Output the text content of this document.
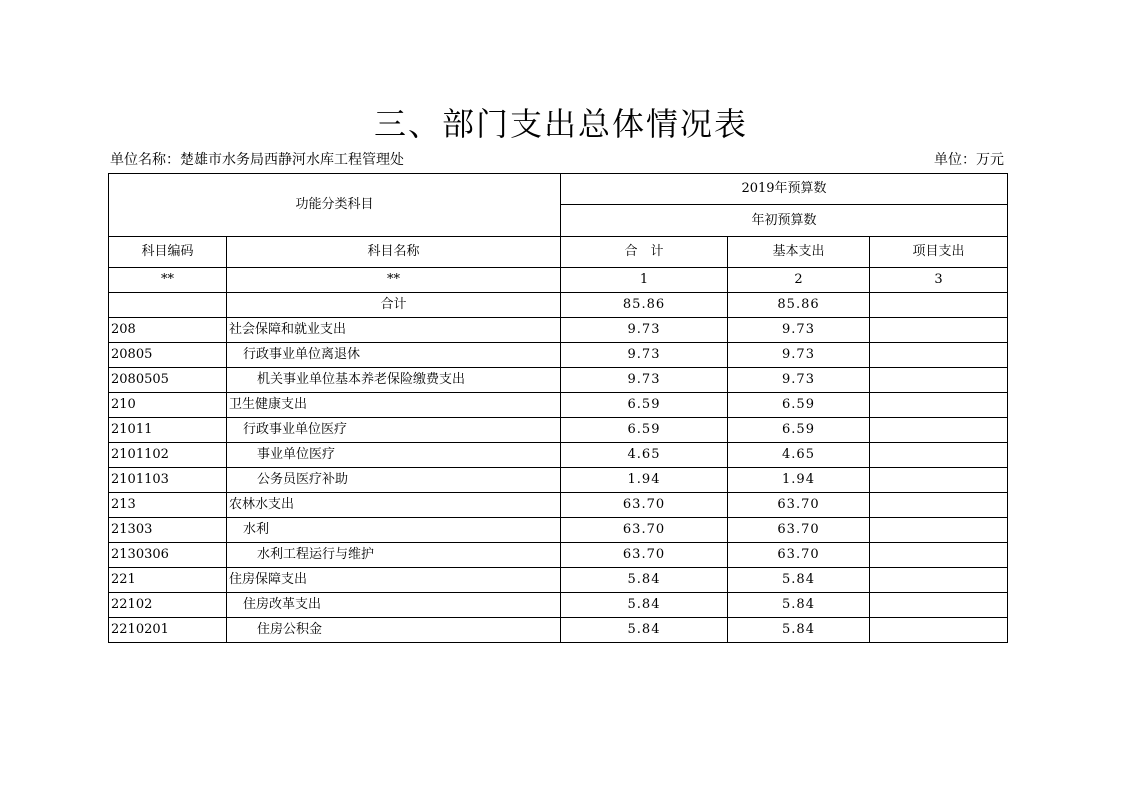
三、部门支出总体情况表
单位名称：楚雄市水务局西静河水库工程管理处	单位：万元
功能分类科目		2019年预算数		
		年初预算数		
科目编码	科目名称	合　计	基本支出	项目支出
**	**	1	2	3
	合计	85.86	85.86	
208	社会保障和就业支出	9.73	9.73	
20805	行政事业单位离退休	9.73	9.73	
2080505	机关事业单位基本养老保险缴费支出	9.73	9.73	
210	卫生健康支出	6.59	6.59	
21011	行政事业单位医疗	6.59	6.59	
2101102	事业单位医疗	4.65	4.65	
2101103	公务员医疗补助	1.94	1.94	
213	农林水支出	63.70	63.70	
21303	水利	63.70	63.70	
2130306	水利工程运行与维护	63.70	63.70	
221	住房保障支出	5.84	5.84	
22102	住房改革支出	5.84	5.84	
2210201	住房公积金	5.84	5.84	
